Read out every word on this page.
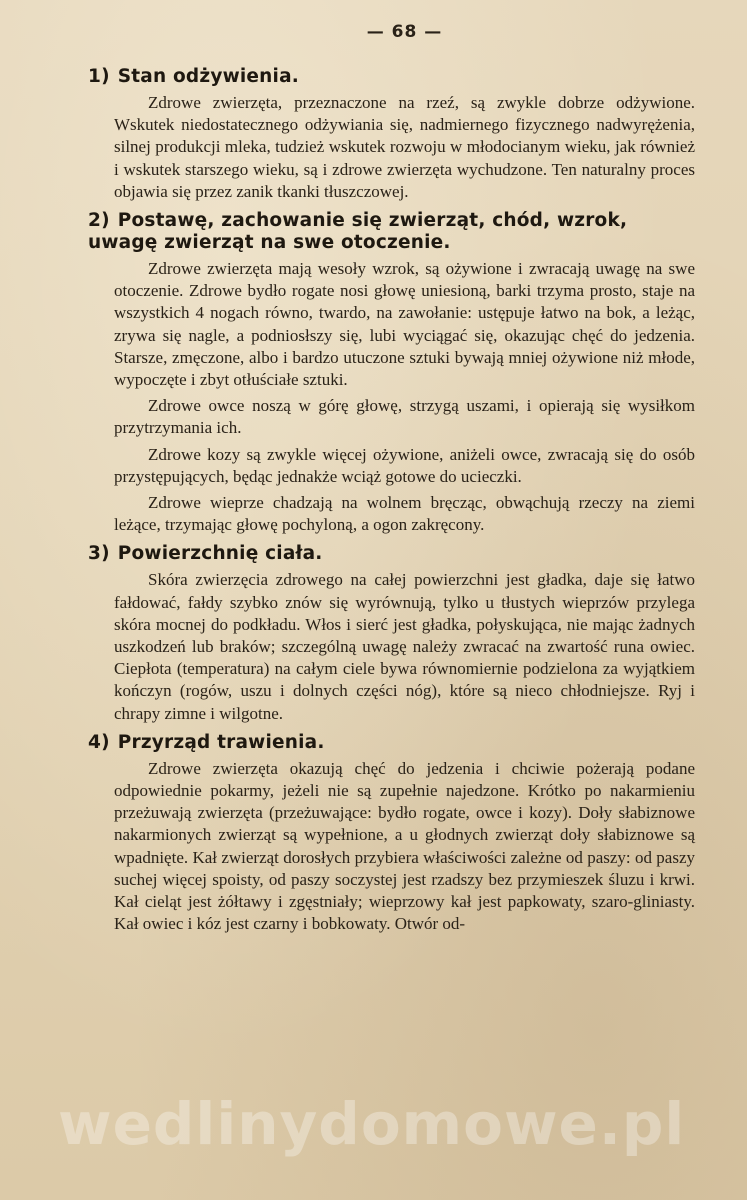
— 68 —
1) Stan odżywienia.

Zdrowe zwierzęta, przeznaczone na rzeź, są zwykle dobrze odżywione. Wskutek niedostatecznego odżywiania się, nadmiernego fizycznego nadwyrężenia, silnej produkcji mleka, tudzież wskutek rozwoju w młodocianym wieku, jak również i wskutek starszego wieku, są i zdrowe zwierzęta wychudzone. Ten naturalny proces objawia się przez zanik tkanki tłuszczowej.

2) Postawę, zachowanie się zwierząt, chód, wzrok, uwagę zwierząt na swe otoczenie.

Zdrowe zwierzęta mają wesoły wzrok, są ożywione i zwracają uwagę na swe otoczenie. Zdrowe bydło rogate nosi głowę uniesioną, barki trzyma prosto, staje na wszystkich 4 nogach równo, twardo, na zawołanie: ustępuje łatwo na bok, a leżąc, zrywa się nagle, a podniosłszy się, lubi wyciągać się, okazując chęć do jedzenia. Starsze, zmęczone, albo i bardzo utuczone sztuki bywają mniej ożywione niż młode, wypoczęte i zbyt otłuściałe sztuki.

Zdrowe owce noszą w górę głowę, strzygą uszami, i opierają się wysiłkom przytrzymania ich.

Zdrowe kozy są zwykle więcej ożywione, aniżeli owce, zwracają się do osób przystępujących, będąc jednakże wciąż gotowe do ucieczki.

Zdrowe wieprze chadzają na wolnem bręcząc, obwąchują rzeczy na ziemi leżące, trzymając głowę pochyloną, a ogon zakręcony.

3) Powierzchnię ciała.

Skóra zwierzęcia zdrowego na całej powierzchni jest gładka, daje się łatwo fałdować, fałdy szybko znów się wyrównują, tylko u tłustych wieprzów przylega skóra mocnej do podkładu. Włos i sierć jest gładka, połyskująca, nie mając żadnych uszkodzeń lub braków; szczególną uwagę należy zwracać na zwartość runa owiec. Ciepłota (temperatura) na całym ciele bywa równomiernie podzielona za wyjątkiem kończyn (rogów, uszu i dolnych części nóg), które są nieco chłodniejsze. Ryj i chrapy zimne i wilgotne.

4) Przyrząd trawienia.

Zdrowe zwierzęta okazują chęć do jedzenia i chciwie pożerają podane odpowiednie pokarmy, jeżeli nie są zupełnie najedzone. Krótko po nakarmieniu przeżuwają zwierzęta (przeżuwające: bydło rogate, owce i kozy). Doły słabiznowe nakarmionych zwierząt są wypełnione, a u głodnych zwierząt doły słabiznowe są wpadnięte. Kał zwierząt dorosłych przybiera właściwości zależne od paszy: od paszy suchej więcej spoisty, od paszy soczystej jest rzadszy bez przymieszek śluzu i krwi. Kał cieląt jest żółtawy i zgęstniały; wieprzowy kał jest papkowaty, szaro-gliniasty. Kał owiec i kóz jest czarny i bobkowaty. Otwór od-

wedlinydomowe.pl
